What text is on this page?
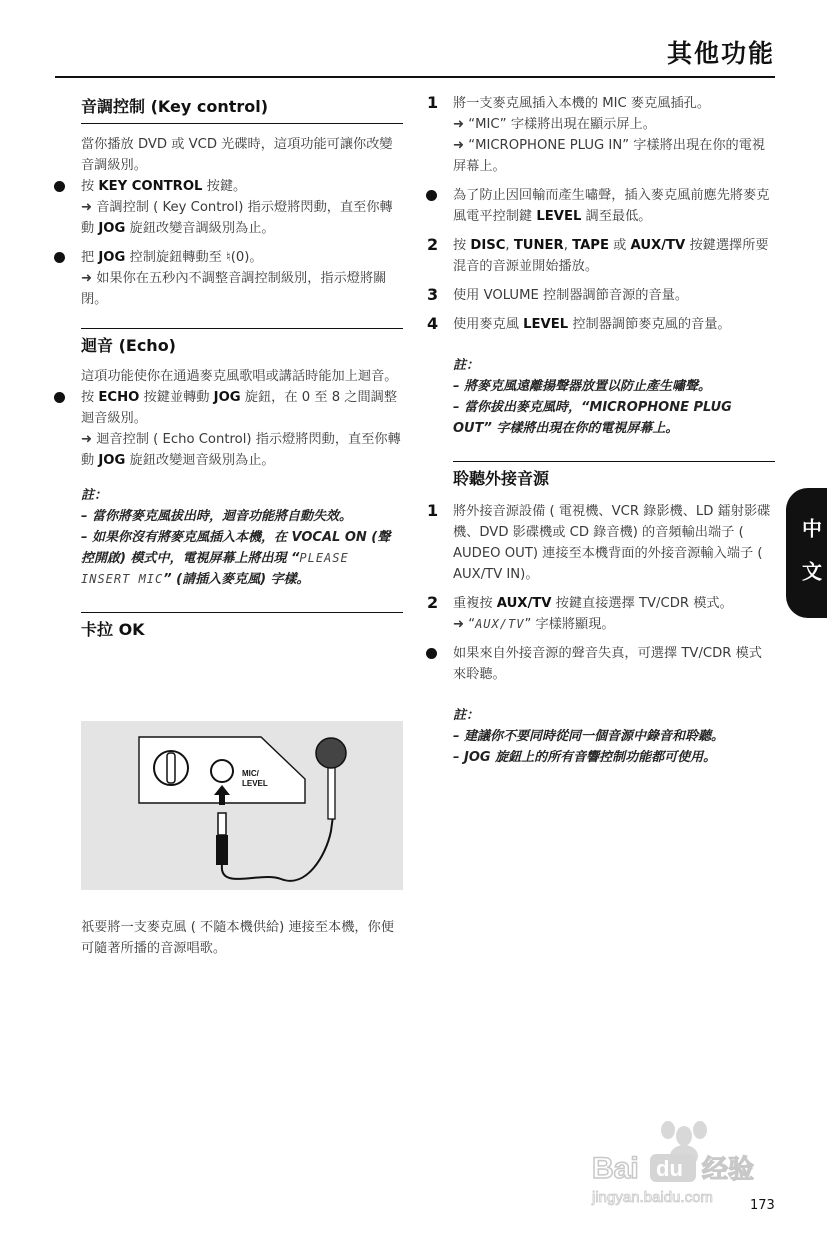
其他功能
音調控制 (Key control)

當你播放 DVD 或 VCD 光碟時，這項功能可讓你改變音調級別。

按 KEY CONTROL 按鍵。

➜ 音調控制 ( Key Control) 指示燈將閃動，直至你轉動 JOG 旋鈕改變音調級別為止。

把 JOG 控制旋鈕轉動至 ♮(0)。

➜ 如果你在五秒內不調整音調控制級別，指示燈將關閉。

迴音 (Echo)

這項功能使你在通過麥克風歌唱或講話時能加上迴音。

按 ECHO 按鍵並轉動 JOG 旋鈕，在 0 至 8 之間調整迴音級別。

➜ 迴音控制 ( Echo Control) 指示燈將閃動，直至你轉動 JOG 旋鈕改變迴音級別為止。

註：

– 當你將麥克風拔出時，迴音功能將自動失效。

– 如果你沒有將麥克風插入本機，在 VOCAL ON (聲控開啟) 模式中，電視屏幕上將出現 “PLEASE INSERT MIC” (請插入麥克風) 字樣。

卡拉 OK
MIC/
LEVEL

祇要將一支麥克風 ( 不隨本機供給) 連接至本機，你便可隨著所播的音源唱歌。

1 將一支麥克風插入本機的 MIC 麥克風插孔。

➜ “MIC” 字樣將出現在顯示屏上。

➜ “MICROPHONE PLUG IN” 字樣將出現在你的電視屏幕上。

為了防止因回輸而產生嘯聲，插入麥克風前應先將麥克風電平控制鍵 LEVEL 調至最低。

2 按 DISC, TUNER, TAPE 或 AUX/TV 按鍵選擇所要混音的音源並開始播放。

3 使用 VOLUME 控制器調節音源的音量。

4 使用麥克風 LEVEL 控制器調節麥克風的音量。

註：

– 將麥克風遠離揚聲器放置以防止產生嘯聲。

– 當你拔出麥克風時，“MICROPHONE PLUG OUT” 字樣將出現在你的電視屏幕上。

聆聽外接音源
1 將外接音源設備 ( 電視機、VCR 錄影機、LD 鐳射影碟機、DVD 影碟機或 CD 錄音機) 的音頻輸出端子 ( AUDEO OUT) 連接至本機背面的外接音源輸入端子 ( AUX/TV IN)。

2 重複按 AUX/TV 按鍵直接選擇 TV/CDR 模式。

➜ “AUX/TV” 字樣將顯現。

如果來自外接音源的聲音失真，可選擇 TV/CDR 模式來聆聽。

註：

– 建議你不要同時從同一個音源中錄音和聆聽。

– JOG 旋鈕上的所有音響控制功能都可使用。

中 文
Bai du 经验
jingyan.baidu.com	173
